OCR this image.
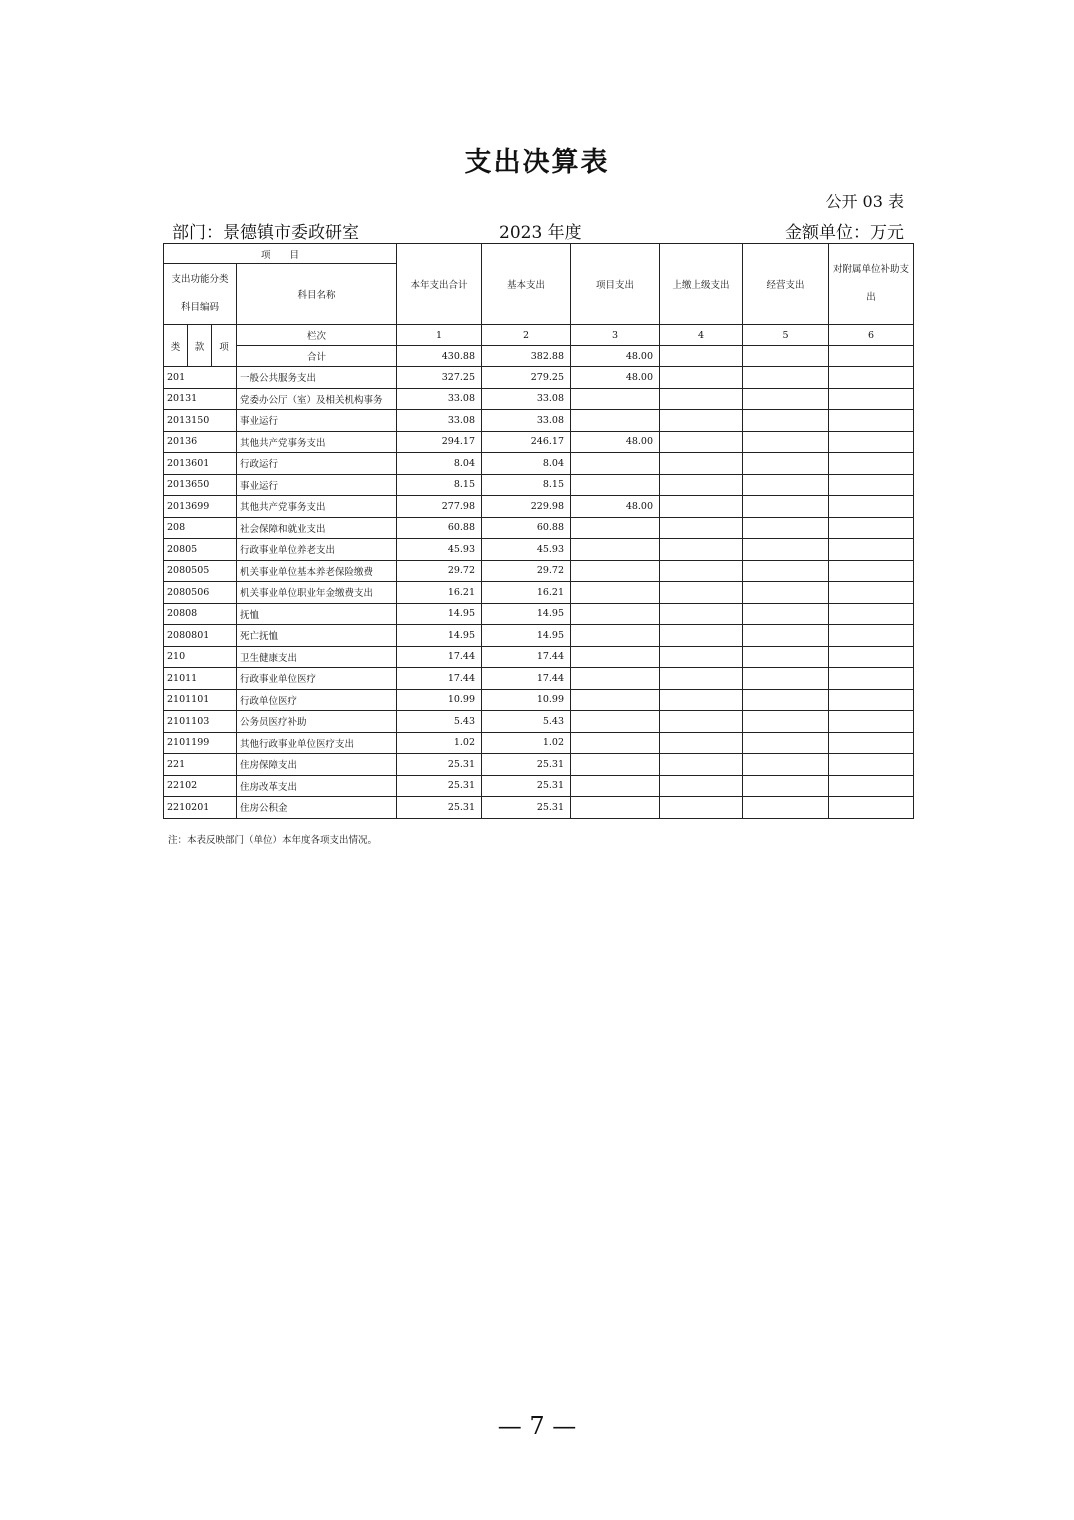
支出决算表
公开 03 表
部门：景德镇市委政研室	2023 年度	金额单位：万元
项　　目				本年支出合计	基本支出	项目支出	上缴上级支出	经营支出	对附属单位补助支出
支出功能分类科目编码			科目名称						
类	款	项	栏次	1	2	3	4	5	6
			合计	430.88	382.88	48.00			
201			一般公共服务支出	327.25	279.25	48.00			
20131			党委办公厅（室）及相关机构事务	33.08	33.08				
2013150			事业运行	33.08	33.08				
20136			其他共产党事务支出	294.17	246.17	48.00			
2013601			行政运行	8.04	8.04				
2013650			事业运行	8.15	8.15				
2013699			其他共产党事务支出	277.98	229.98	48.00			
208			社会保障和就业支出	60.88	60.88				
20805			行政事业单位养老支出	45.93	45.93				
2080505			机关事业单位基本养老保险缴费	29.72	29.72				
2080506			机关事业单位职业年金缴费支出	16.21	16.21				
20808			抚恤	14.95	14.95				
2080801			死亡抚恤	14.95	14.95				
210			卫生健康支出	17.44	17.44				
21011			行政事业单位医疗	17.44	17.44				
2101101			行政单位医疗	10.99	10.99				
2101103			公务员医疗补助	5.43	5.43				
2101199			其他行政事业单位医疗支出	1.02	1.02				
221			住房保障支出	25.31	25.31				
22102			住房改革支出	25.31	25.31				
2210201			住房公积金	25.31	25.31				
注：本表反映部门（单位）本年度各项支出情况。
— 7 —
